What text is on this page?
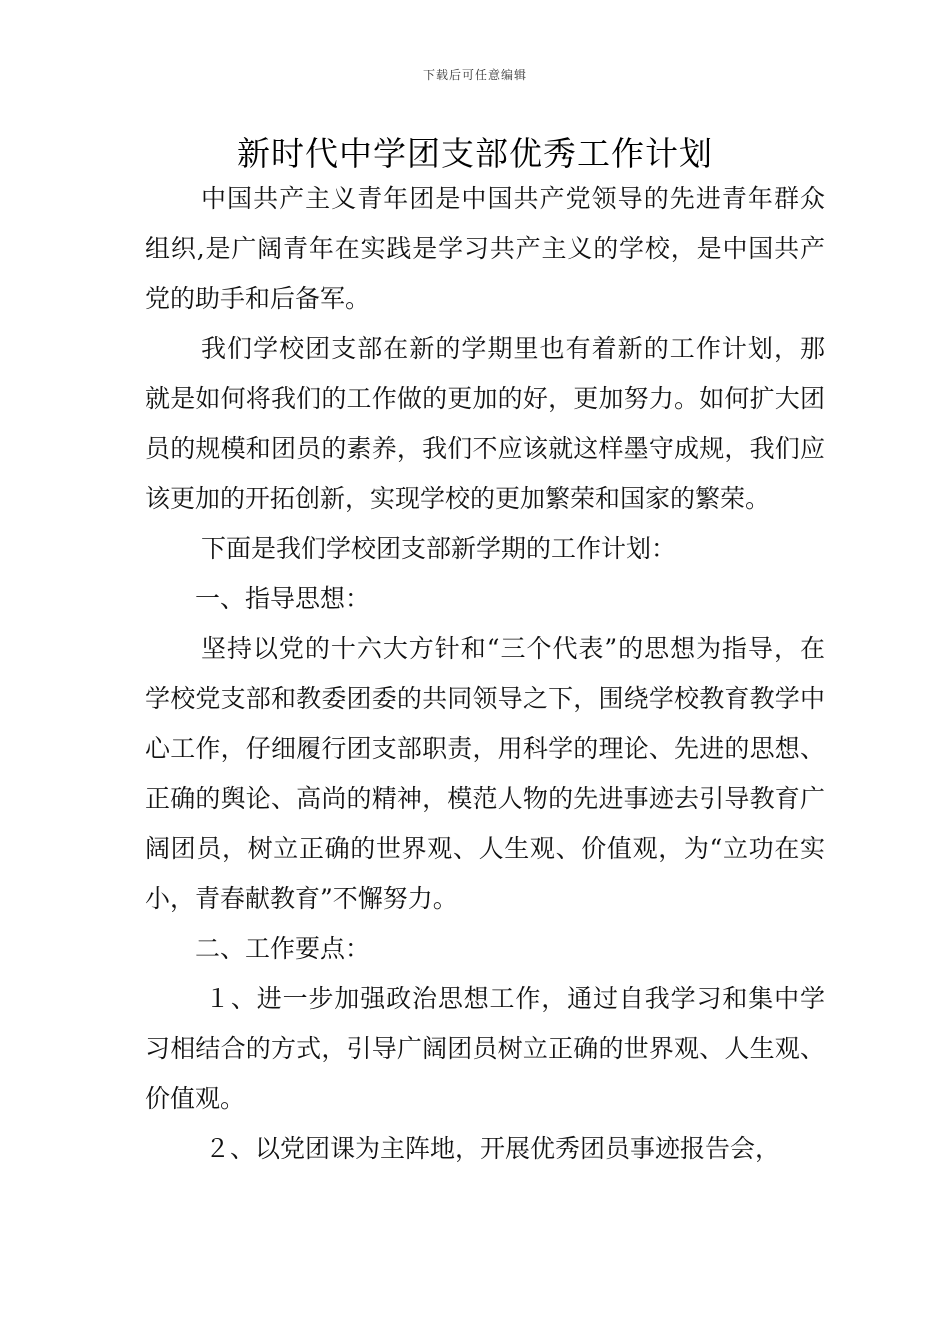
下载后可任意编辑
新时代中学团支部优秀工作计划

中国共产主义青年团是中国共产党领导的先进青年群众组织,是广阔青年在实践是学习共产主义的学校，是中国共产党的助手和后备军。

我们学校团支部在新的学期里也有着新的工作计划，那就是如何将我们的工作做的更加的好，更加努力。如何扩大团员的规模和团员的素养，我们不应该就这样墨守成规，我们应该更加的开拓创新，实现学校的更加繁荣和国家的繁荣。

下面是我们学校团支部新学期的工作计划：

一、指导思想：

坚持以党的十六大方针和“三个代表”的思想为指导，在学校党支部和教委团委的共同领导之下，围绕学校教育教学中心工作，仔细履行团支部职责，用科学的理论、先进的思想、正确的舆论、高尚的精神，模范人物的先进事迹去引导教育广阔团员，树立正确的世界观、人生观、价值观，为“立功在实小，青春献教育”不懈努力。

二、工作要点：

１、进一步加强政治思想工作，通过自我学习和集中学习相结合的方式，引导广阔团员树立正确的世界观、人生观、价值观。

２、以党团课为主阵地，开展优秀团员事迹报告会，
